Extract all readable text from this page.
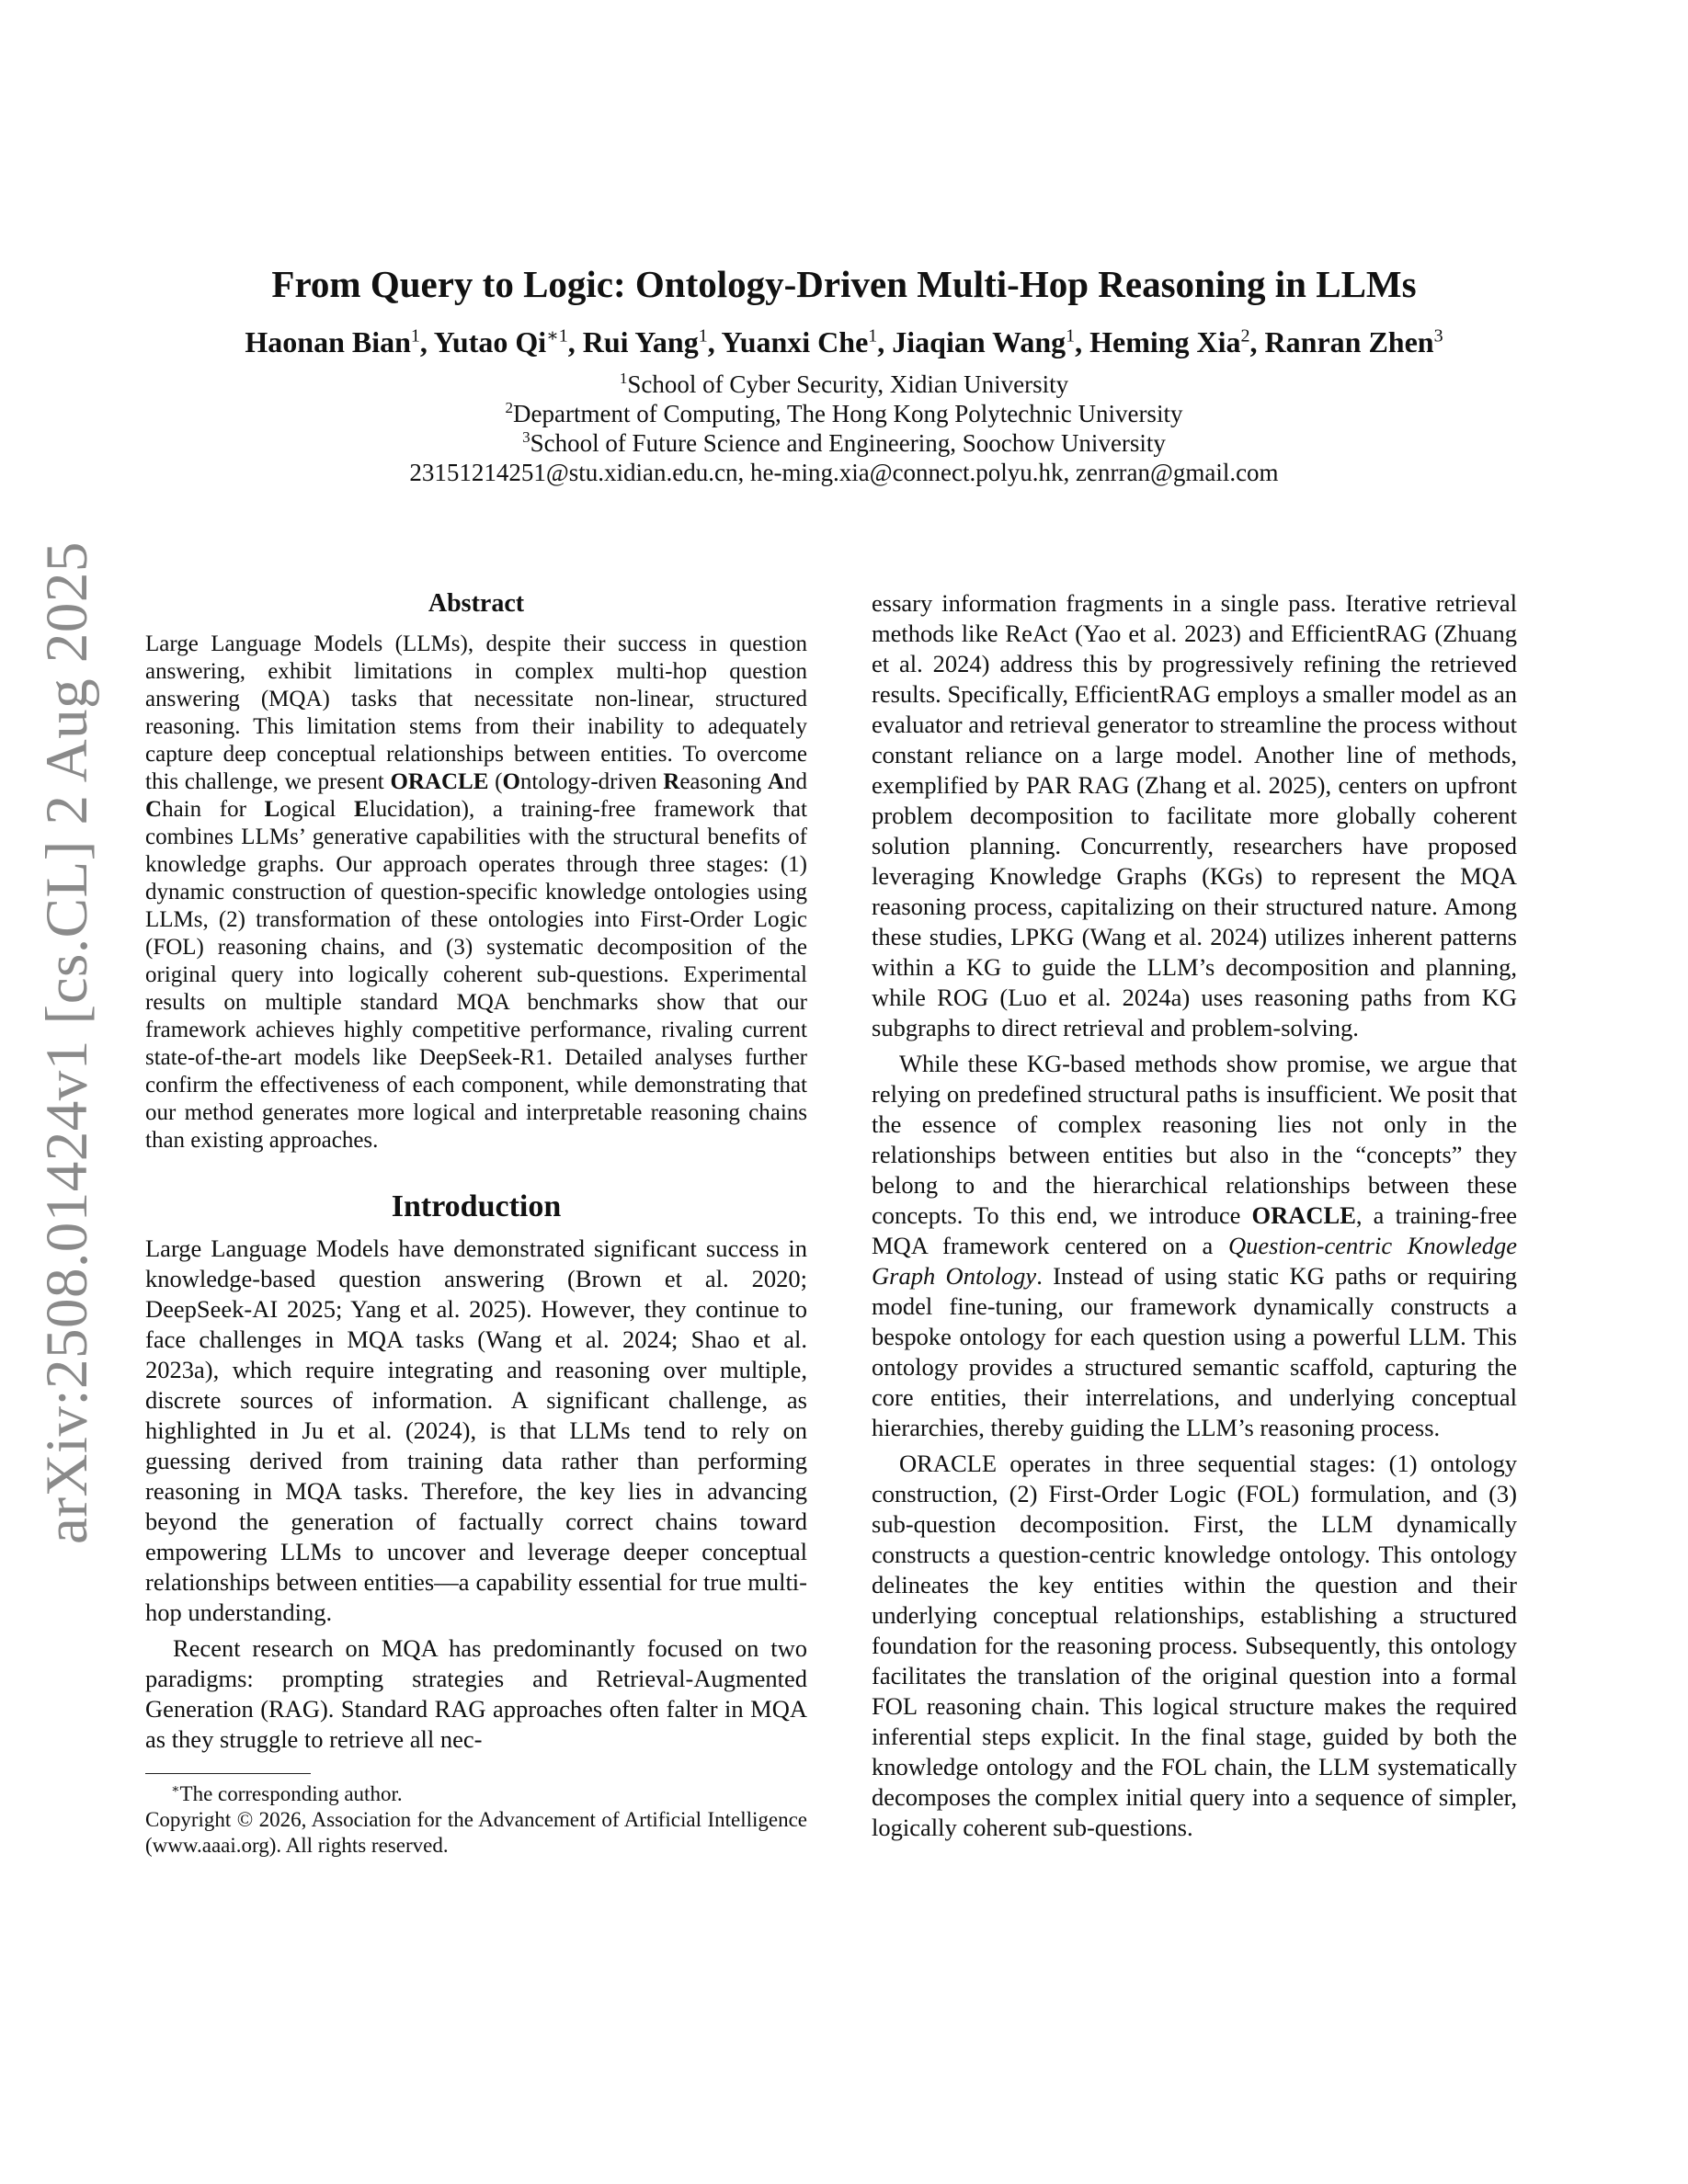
arXiv:2508.01424v1 [cs.CL] 2 Aug 2025
From Query to Logic: Ontology-Driven Multi-Hop Reasoning in LLMs
Haonan Bian$^1$, Yutao $Qi^{∗1}$, Rui Yang$^1$, Yuanxi Che$^1$, Jiaqian Wang$^1$, Heming Xia$^2$, Ranran Zhen$^3$
$^1$School of Cyber Security, Xidian University
$^2$Department of Computing, The Hong Kong Polytechnic University
$^3$School of Future Science and Engineering, Soochow University
23151214251@stu.xidian.edu.cn, he-ming.xia@connect.polyu.hk, zenrran@gmail.com
Abstract

Large Language Models (LLMs), despite their success in question answering, exhibit limitations in complex multi-hop question answering (MQA) tasks that necessitate non-linear, structured reasoning. This limitation stems from their inability to adequately capture deep conceptual relationships between entities. To overcome this challenge, we present ORACLE (Ontology-driven Reasoning And Chain for Logical Elucidation), a training-free framework that combines LLMs’ generative capabilities with the structural benefits of knowledge graphs. Our approach operates through three stages: (1) dynamic construction of question-specific knowledge ontologies using LLMs, (2) transformation of these ontologies into First-Order Logic (FOL) reasoning chains, and (3) systematic decomposition of the original query into logically coherent sub-questions. Experimental results on multiple standard MQA benchmarks show that our framework achieves highly competitive performance, rivaling current state-of-the-art models like DeepSeek-R1. Detailed analyses further confirm the effectiveness of each component, while demonstrating that our method generates more logical and interpretable reasoning chains than existing approaches.

Introduction

Large Language Models have demonstrated significant success in knowledge-based question answering (Brown et al. 2020; DeepSeek-AI 2025; Yang et al. 2025). However, they continue to face challenges in MQA tasks (Wang et al. 2024; Shao et al. 2023a), which require integrating and reasoning over multiple, discrete sources of information. A significant challenge, as highlighted in Ju et al. (2024), is that LLMs tend to rely on guessing derived from training data rather than performing reasoning in MQA tasks. Therefore, the key lies in advancing beyond the generation of factually correct chains toward empowering LLMs to uncover and leverage deeper conceptual relationships between entities—a capability essential for true multi-hop understanding.

Recent research on MQA has predominantly focused on two paradigms: prompting strategies and Retrieval-Augmented Generation (RAG). Standard RAG approaches often falter in MQA as they struggle to retrieve all nec-

∗The corresponding author.
Copyright © 2026, Association for the Advancement of Artificial Intelligence (www.aaai.org). All rights reserved.

essary information fragments in a single pass. Iterative retrieval methods like ReAct (Yao et al. 2023) and EfficientRAG (Zhuang et al. 2024) address this by progressively refining the retrieved results. Specifically, EfficientRAG employs a smaller model as an evaluator and retrieval generator to streamline the process without constant reliance on a large model. Another line of methods, exemplified by PAR RAG (Zhang et al. 2025), centers on upfront problem decomposition to facilitate more globally coherent solution planning. Concurrently, researchers have proposed leveraging Knowledge Graphs (KGs) to represent the MQA reasoning process, capitalizing on their structured nature. Among these studies, LPKG (Wang et al. 2024) utilizes inherent patterns within a KG to guide the LLM’s decomposition and planning, while ROG (Luo et al. 2024a) uses reasoning paths from KG subgraphs to direct retrieval and problem-solving.

While these KG-based methods show promise, we argue that relying on predefined structural paths is insufficient. We posit that the essence of complex reasoning lies not only in the relationships between entities but also in the “concepts” they belong to and the hierarchical relationships between these concepts. To this end, we introduce ORACLE, a training-free MQA framework centered on a Question-centric Knowledge Graph Ontology. Instead of using static KG paths or requiring model fine-tuning, our framework dynamically constructs a bespoke ontology for each question using a powerful LLM. This ontology provides a structured semantic scaffold, capturing the core entities, their interrelations, and underlying conceptual hierarchies, thereby guiding the LLM’s reasoning process.

ORACLE operates in three sequential stages: (1) ontology construction, (2) First-Order Logic (FOL) formulation, and (3) sub-question decomposition. First, the LLM dynamically constructs a question-centric knowledge ontology. This ontology delineates the key entities within the question and their underlying conceptual relationships, establishing a structured foundation for the reasoning process. Subsequently, this ontology facilitates the translation of the original question into a formal FOL reasoning chain. This logical structure makes the required inferential steps explicit. In the final stage, guided by both the knowledge ontology and the FOL chain, the LLM systematically decomposes the complex initial query into a sequence of simpler, logically coherent sub-questions.
